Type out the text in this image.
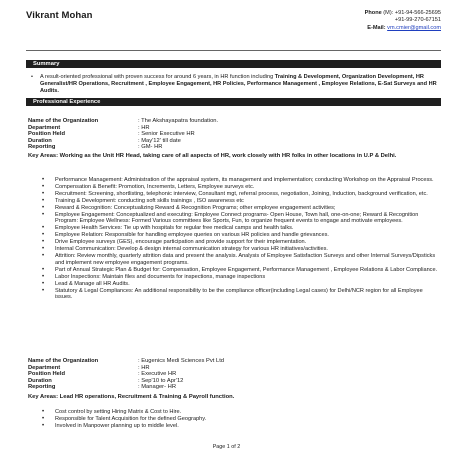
Vikrant Mohan	Phone (M): +91-94-566-25695
+91-99-270-67151
E-Mail: vm.cmier@gmail.com
Summary
• A result-oriented professional with proven success for around 6 years, in HR function including Training & Development, Organization Development, HR Generalist/HR Operations, Recruitment , Employee Engagement, HR Policies, Performance Management , Employee Relations, E-Sat Surveys and HR Audits.
Professional Experience
Name of the Organization	: The Akshayapatra foundation.
Department	: HR
Position Held	: Senior Executive HR
Duration	: May'12' till date
Reporting	: GM- HR
Key Areas: Working as the Unit HR Head, taking care of all aspects of HR, work closely with HR folks in other locations in U.P & Delhi.
• Performance Management: Administration of the appraisal system, its management and implementation; conducting Workshop on the Appraisal Process.
• Compensation & Benefit: Promotion, Increments, Letters, Employee surveys etc.
• Recruitment: Screening, shortlisting, telephonic interview, Consultant mgt, referral process, negotiation, Joining, Induction, background verification, etc.
• Training & Development: conducting soft skills trainings , ISO awareness etc
• Reward & Recognition: Conceptualizing Reward & Recognition Programs; other employee engagement activities;
• Employee Engagement: Conceptualized and executing: Employee Connect programs- Open House, Town hall, one-on-one; Reward & Recognition Program: Employee Wellness: Formed Various committees like Sports, Fun, to organize frequent events to engage and motivate employees.
• Employee Health Services: Tie up with hospitals for regular free medical camps and health talks.
• Employee Relation: Responsible for handling employee queries on various HR policies and handle grievances.
• Drive Employee surveys (GES), encourage participation and provide support for their implementation.
• Internal Communication: Develop & design internal communication strategy for various HR initiatives/activities.
• Attrition: Review monthly, quarterly attrition data and present the analysis. Analysis of Employee Satisfaction Surveys and other Internal Surveys/Dipsticks and implement new employee engagement programs.
• Part of Annual Strategic Plan & Budget for: Compensation, Employee Engagement, Performance Management , Employee Relations & Labor Compliance.
• Labor Inspections: Maintain files and documents for inspections, manage inspections
• Lead & Manage all HR Audits.
• Statutory & Legal Compliances: An additional responsibility to be the compliance officer(including Legal cases) for Delhi/NCR region for all Employee issues.
Name of the Organization	: Eugenics Medi Sciences Pvt Ltd
Department	: HR
Position Held	: Executive HR
Duration	: Sep'10 to Apr'12
Reporting	: Manager- HR
Key Areas: Lead HR operations, Recruitment & Training & Payroll function.
• Cost control by setting Hiring Matrix & Cost to Hire.
• Responsible for Talent Acquisition for the defined Geography.
• Involved in Manpower planning up to middle level.
Page 1 of 2
